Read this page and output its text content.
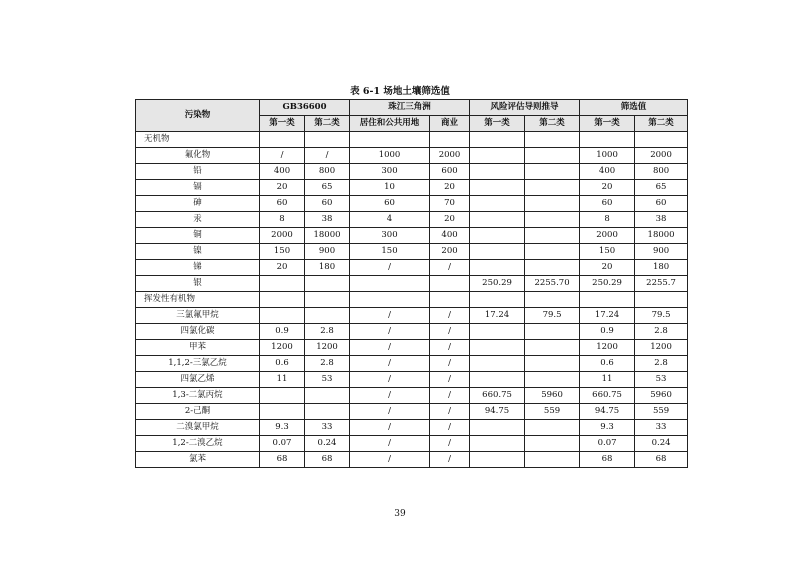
表 6-1 场地土壤筛选值
污染物	GB36600		珠江三角洲		风险评估导则推导		筛选值	
	第一类	第二类	居住和公共用地	商业	第一类	第二类	第一类	第二类
无机物								
氟化物	/	/	1000	2000			1000	2000
铅	400	800	300	600			400	800
镉	20	65	10	20			20	65
砷	60	60	60	70			60	60
汞	8	38	4	20			8	38
铜	2000	18000	300	400			2000	18000
镍	150	900	150	200			150	900
锑	20	180	/	/			20	180
银					250.29	2255.70	250.29	2255.7
挥发性有机物								
三氯氟甲烷			/	/	17.24	79.5	17.24	79.5
四氯化碳	0.9	2.8	/	/			0.9	2.8
甲苯	1200	1200	/	/			1200	1200
1,1,2-三氯乙烷	0.6	2.8	/	/			0.6	2.8
四氯乙烯	11	53	/	/			11	53
1,3-二氯丙烷			/	/	660.75	5960	660.75	5960
2-己酮			/	/	94.75	559	94.75	559
二溴氯甲烷	9.3	33	/	/			9.3	33
1,2-二溴乙烷	0.07	0.24	/	/			0.07	0.24
氯苯	68	68	/	/			68	68
39
